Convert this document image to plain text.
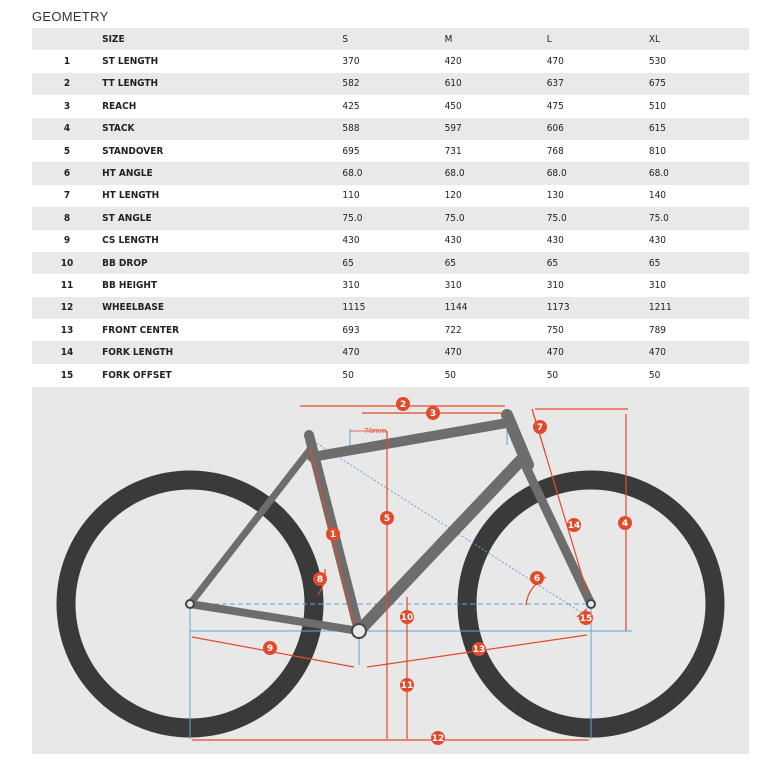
GEOMETRY
	SIZE	S	M	L	XL
1	ST LENGTH	370	420	470	530
2	TT LENGTH	582	610	637	675
3	REACH	425	450	475	510
4	STACK	588	597	606	615
5	STANDOVER	695	731	768	810
6	HT ANGLE	68.0	68.0	68.0	68.0
7	HT LENGTH	110	120	130	140
8	ST ANGLE	75.0	75.0	75.0	75.0
9	CS LENGTH	430	430	430	430
10	BB DROP	65	65	65	65
11	BB HEIGHT	310	310	310	310
12	WHEELBASE	1115	1144	1173	1211
13	FRONT CENTER	693	722	750	789
14	FORK LENGTH	470	470	470	470
15	FORK OFFSET	50	50	50	50
70mm
1
2
3
4
5
6
7
8
9
10
11
12
13
14
15
